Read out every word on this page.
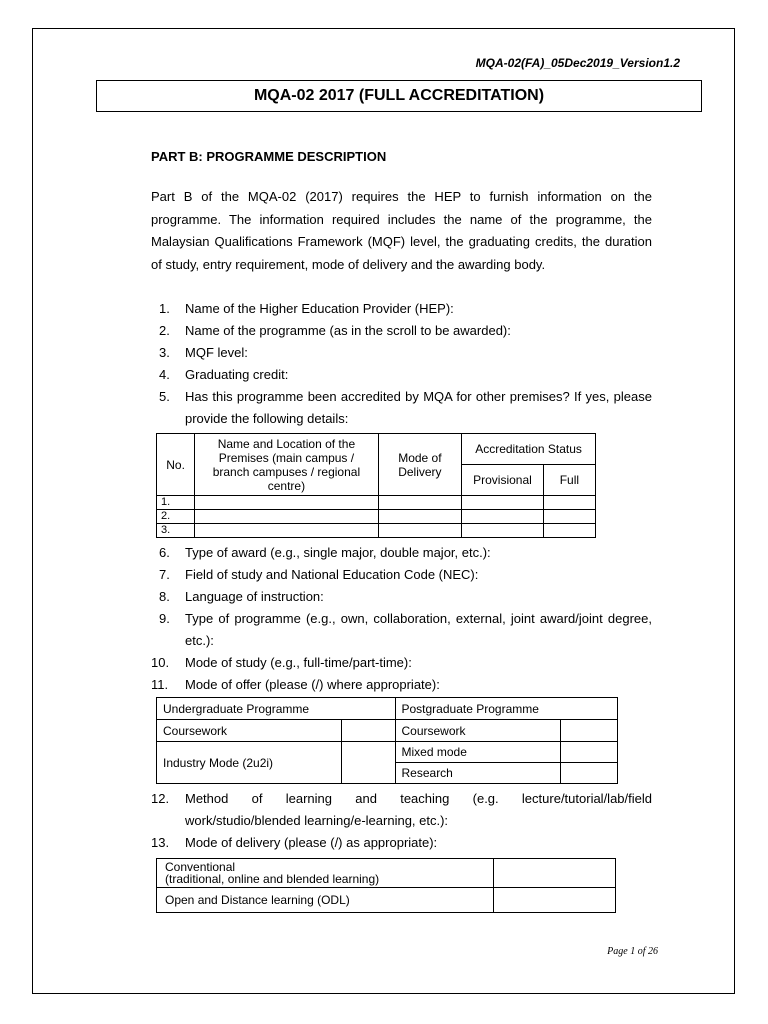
MQA-02(FA)_05Dec2019_Version1.2
MQA-02 2017 (FULL ACCREDITATION)
PART B: PROGRAMME DESCRIPTION

Part B of the MQA-02 (2017) requires the HEP to furnish information on the programme. The information required includes the name of the programme, the Malaysian Qualifications Framework (MQF) level, the graduating credits, the duration of study, entry requirement, mode of delivery and the awarding body.

1. Name of the Higher Education Provider (HEP):
2. Name of the programme (as in the scroll to be awarded):
3. MQF level:
4. Graduating credit:
5. Has this programme been accredited by MQA for other premises? If yes, please provide the following details:
No.	Name and Location of the Premises (main campus / branch campuses / regional centre)	Mode of Delivery	Accreditation Status	
			Provisional	Full
1.				
2.				
3.				
6. Type of award (e.g., single major, double major, etc.):
7. Field of study and National Education Code (NEC):
8. Language of instruction:
9. Type of programme (e.g., own, collaboration, external, joint award/joint degree, etc.):
10. Mode of study (e.g., full-time/part-time):
11. Mode of offer (please (/) where appropriate):
Undergraduate Programme		Postgraduate Programme	
Coursework		Coursework	
Industry Mode (2u2i)		Mixed mode	
		Research	
12. Method of learning and teaching (e.g. lecture/tutorial/lab/field work/studio/blended learning/e-learning, etc.):
13. Mode of delivery (please (/) as appropriate):
Conventional
(traditional, online and blended learning)	

Open and Distance learning (ODL)	
Page 1 of 26
